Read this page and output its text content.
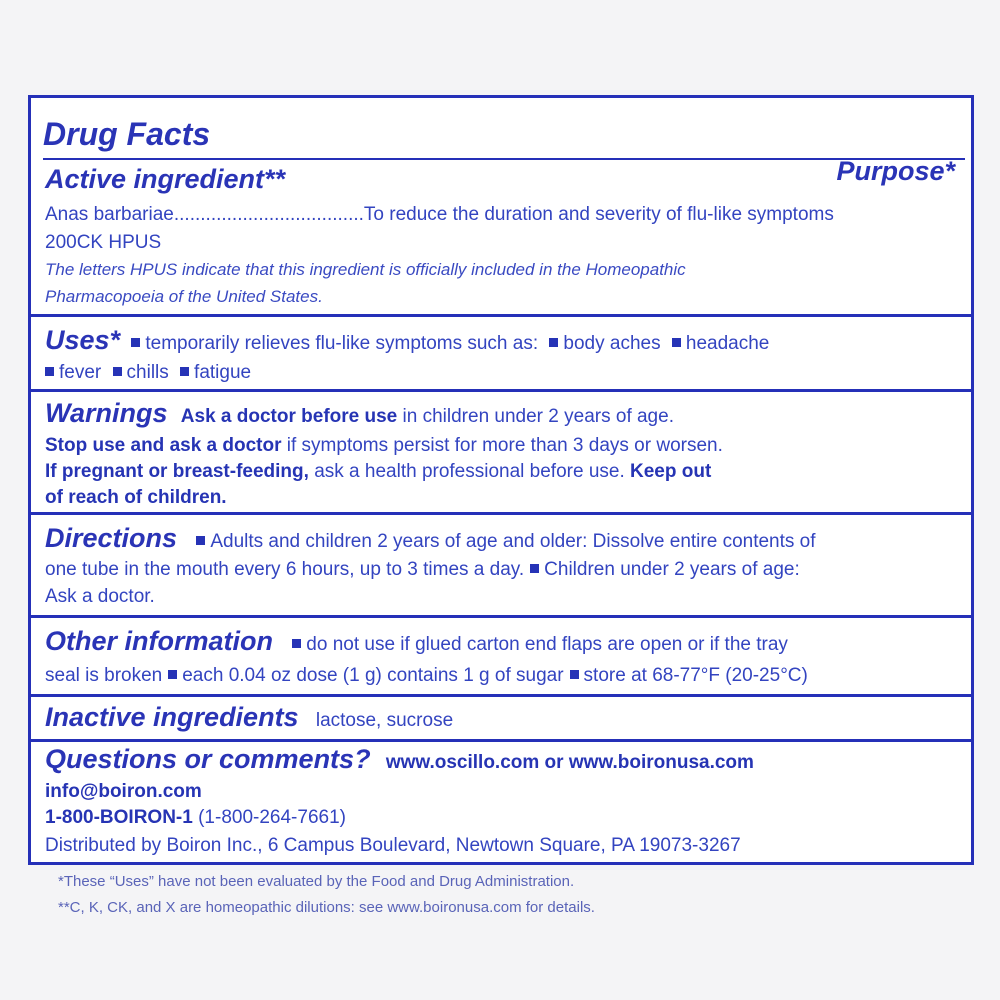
Drug Facts
Active ingredient**	Purpose*
Anas barbariae....................................To reduce the duration and severity of flu-like symptoms
200CK HPUS
The letters HPUS indicate that this ingredient is officially included in the Homeopathic
Pharmacopoeia of the United States.
Uses* temporarily relieves flu-like symptoms such as: body aches headache
fever chills fatigue
Warnings Ask a doctor before use in children under 2 years of age.
Stop use and ask a doctor if symptoms persist for more than 3 days or worsen.
If pregnant or breast-feeding, ask a health professional before use. Keep out
of reach of children.
Directions Adults and children 2 years of age and older: Dissolve entire contents of
one tube in the mouth every 6 hours, up to 3 times a day. Children under 2 years of age:
Ask a doctor.
Other information do not use if glued carton end flaps are open or if the tray
seal is broken each 0.04 oz dose (1 g) contains 1 g of sugar store at 68-77°F (20-25°C)
Inactive ingredients lactose, sucrose
Questions or comments? www.oscillo.com or www.boironusa.com
info@boiron.com
1-800-BOIRON-1 (1-800-264-7661)
Distributed by Boiron Inc., 6 Campus Boulevard, Newtown Square, PA 19073-3267
*These “Uses” have not been evaluated by the Food and Drug Administration.
**C, K, CK, and X are homeopathic dilutions: see www.boironusa.com for details.
